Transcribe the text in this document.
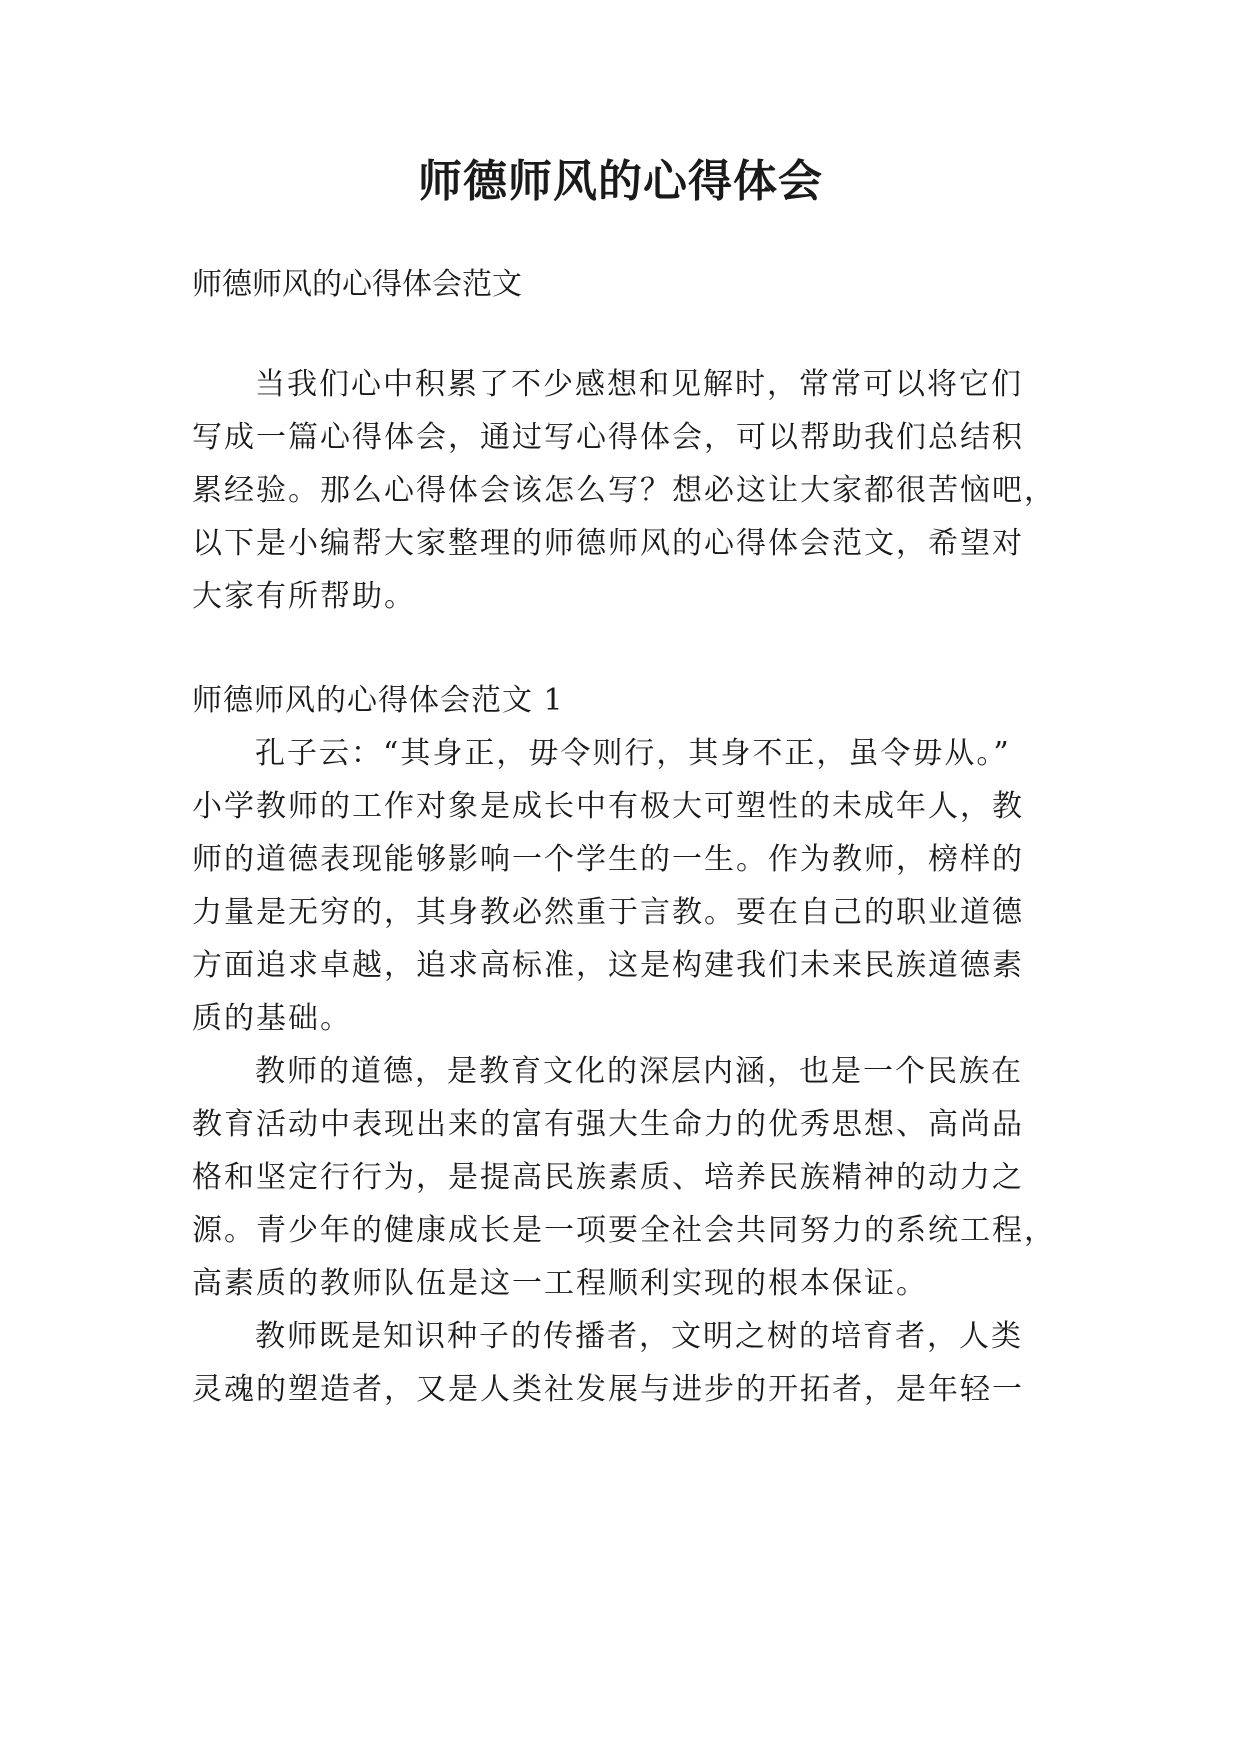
师德师风的心得体会
师德师风的心得体会范文
当我们心中积累了不少感想和见解时，常常可以将它们
写成一篇心得体会，通过写心得体会，可以帮助我们总结积
累经验。那么心得体会该怎么写？想必这让大家都很苦恼吧，
以下是小编帮大家整理的师德师风的心得体会范文，希望对
大家有所帮助。
师德师风的心得体会范文 1
孔子云：“其身正，毋令则行，其身不正，虽令毋从。”
小学教师的工作对象是成长中有极大可塑性的未成年人，教
师的道德表现能够影响一个学生的一生。作为教师，榜样的
力量是无穷的，其身教必然重于言教。要在自己的职业道德
方面追求卓越，追求高标准，这是构建我们未来民族道德素
质的基础。
教师的道德，是教育文化的深层内涵，也是一个民族在
教育活动中表现出来的富有强大生命力的优秀思想、高尚品
格和坚定行行为，是提高民族素质、培养民族精神的动力之
源。青少年的健康成长是一项要全社会共同努力的系统工程，
高素质的教师队伍是这一工程顺利实现的根本保证。
教师既是知识种子的传播者，文明之树的培育者，人类
灵魂的塑造者，又是人类社发展与进步的开拓者，是年轻一
